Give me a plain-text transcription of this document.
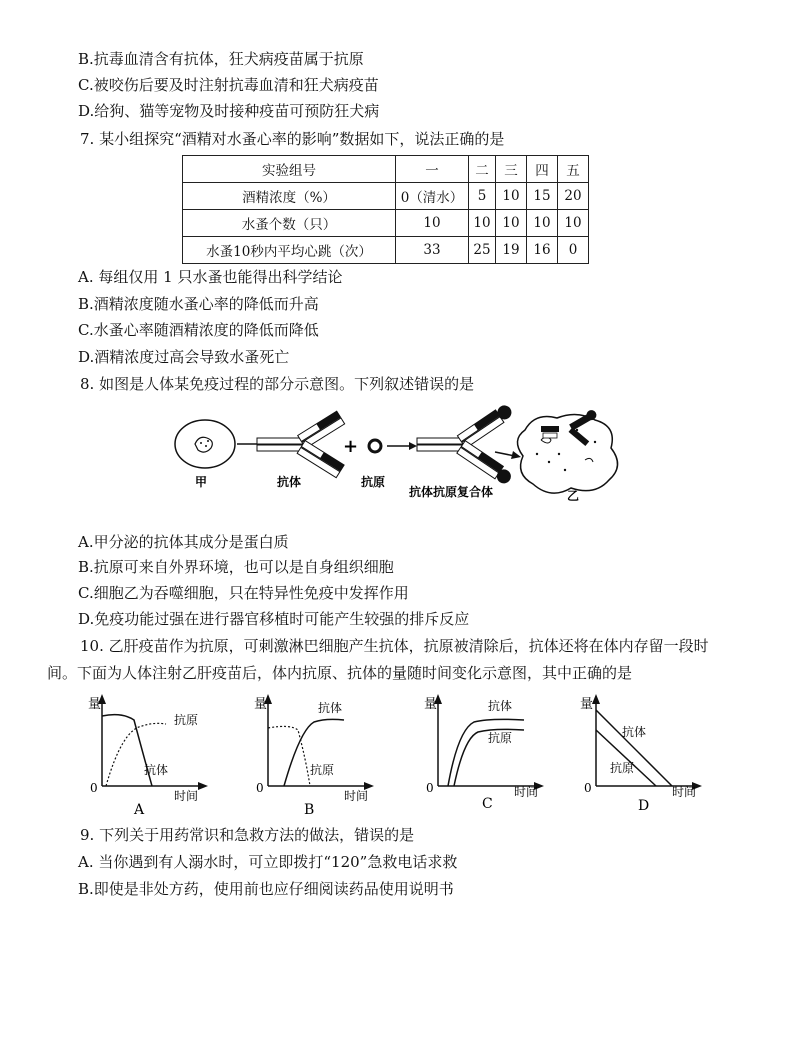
B.抗毒血清含有抗体，狂犬病疫苗属于抗原
C.被咬伤后要及时注射抗毒血清和狂犬病疫苗
D.给狗、猫等宠物及时接种疫苗可预防狂犬病
7. 某小组探究“酒精对水蚤心率的影响”数据如下，说法正确的是
实验组号	一	二	三	四	五
酒精浓度（%）	0（清水）	5	10	15	20
水蚤个数（只）	10	10	10	10	10
水蚤10秒内平均心跳（次）	33	25	19	16	0
A. 每组仅用 1 只水蚤也能得出科学结论
B.酒精浓度随水蚤心率的降低而升高
C.水蚤心率随酒精浓度的降低而降低
D.酒精浓度过高会导致水蚤死亡
8. 如图是人体某免疫过程的部分示意图。下列叙述错误的是
甲	抗体
+
抗原
抗体抗原复合体	乙
A.甲分泌的抗体其成分是蛋白质
B.抗原可来自外界环境，也可以是自身组织细胞
C.细胞乙为吞噬细胞，只在特异性免疫中发挥作用
D.免疫功能过强在进行器官移植时可能产生较强的排斥反应
10. 乙肝疫苗作为抗原，可刺激淋巴细胞产生抗体，抗原被清除后，抗体还将在体内存留一段时
间。下面为人体注射乙肝疫苗后，体内抗原、抗体的量随时间变化示意图，其中正确的是
量
0
抗原
抗体
A
时间
量
0
抗体
抗原
B
时间
量
0
抗体
抗原
C
时间
量
0
抗体
抗原
D
时间
9. 下列关于用药常识和急救方法的做法，错误的是
A. 当你遇到有人溺水时，可立即拨打“120”急救电话求救
B.即使是非处方药，使用前也应仔细阅读药品使用说明书
